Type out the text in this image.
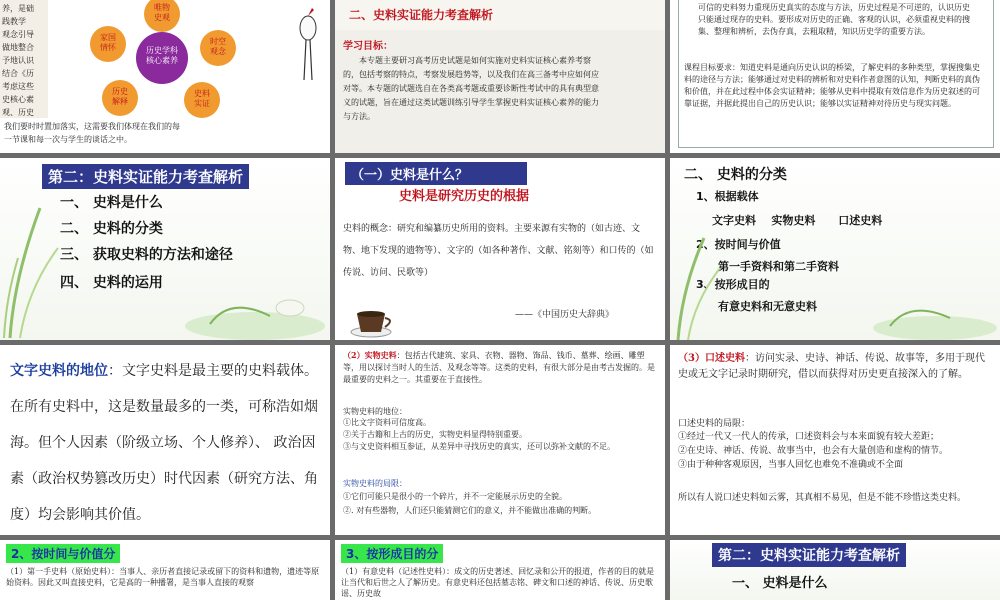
养，是础
践教学
观念引导
做地整合
予地认识
结合《历
考虑这些
史核心素
观、历史
历史学科
核心素养
唯物
史观
时空
观念
史料
实证
历史
解释
家国
情怀
我们要时时置加落实，这需要我们体现在我们的每
一节课和每一次与学生的谈话之中。
二、史料实证能力考查解析
学习目标：
本专题主要研习高考历史试题是如何实施对史料实证核心素养考察的，包括考察的特点，考察发展趋势等，以及我们在高三备考中应如何应对等。本专题的试题选自在各类高考题或重要诊断性考试中的具有典型意义的试题，旨在通过这类试题训练引导学生掌握史料实证核心素养的能力与方法。
可信的史料努力重现历史真实的态度与方法，历史过程是不可逆的，认识历史只能通过现存的史料。要形成对历史的正确、客观的认识，必须重视史料的搜集、整理和辨析，去伪存真，去粗取精，知识历史学的重要方法。
课程目标要求：知道史料是通向历史认识的桥梁，了解史料的多种类型，掌握搜集史料的途径与方法；能够通过对史料的辨析和对史料作者意图的认知，判断史料的真伪和价值，并在此过程中体会实证精神；能够从史料中提取有效信息作为历史叙述的可靠证据，并据此提出自己的历史认识；能够以实证精神对待历史与现实问题。
第二：史料实证能力考查解析
一、 史料是什么
二、 史料的分类
三、 获取史料的方法和途径
四、 史料的运用
（一）史料是什么？
史料是研究历史的根据
史料的概念：研究和编纂历史所用的资料。主要来源有实物的（如古迹、文物、地下发现的遗物等）、文字的（如各种著作、文献、铭刻等）和口传的（如传说、访问、民歌等）
——《中国历史大辞典》
二、 史料的分类
1、根据载体
文字史料    实物史料      口述史料
2、按时间与价值
第一手资料和第二手资料
3、按形成目的
有意史料和无意史料
文字史料的地位：文字史料是最主要的史料载体。在所有史料中，这是数量最多的一类，可称浩如烟海。但个人因素（阶级立场、个人修养）、 政治因素（政治权势篡改历史）时代因素（研究方法、角度）均会影响其价值。
（2）实物史料：包括古代建筑、家具、衣物、器物、饰品、钱币、墓葬、绘画、雕塑等，用以探讨当时人的生活、及观念等等。这类的史料，有很大部分是由考古发掘的。是最重要的史料之一。其重要在于直接性。
实物史料的地位：
①比文字资料可信度高。
②关于古籍和上古的历史，实物史料显得特别重要。
③与文史资料相互参证，从差异中寻找历史的真实，还可以弥补文献的不足。
实物史料的局限：
①它们可能只是很小的一个碎片，并不一定能展示历史的全貌。
②. 对有些器物，人们还只能猜测它们的意义，并不能做出准确的判断。
（3）口述史料：访问实录、史诗、神话、传说、故事等，多用于现代史或无文字记录时期研究，借以而获得对历史更直接深入的了解。
口述史料的局限：
①经过一代又一代人的传承，口述资料会与本来面貌有较大差距；
②在史诗、神话、传说、故事当中，也会有大量创造和虚构的情节。
③由于种种客观原因，当事人回忆也难免不准确或不全面
所以有人说口述史料如云雾，其真相不易见，但是不能不珍惜这类史料。
2、按时间与价值分
（1）第一手史料（原始史料）：当事人、亲历者直接记录或留下的资料和遗物，遗迹等原始资料。因此又叫直接史料，它是高的一种播署，是当事人直接的观察
3、按形成目的分
（1）有意史料（记述性史料）：成文的历史著述、回忆录和公开的报道，作者的目的就是让当代和后世之人了解历史。有意史料还包括墓志铭、碑文和口述的神话、传说、历史歌谣、历史故
第二：史料实证能力考查解析
一、 史料是什么
